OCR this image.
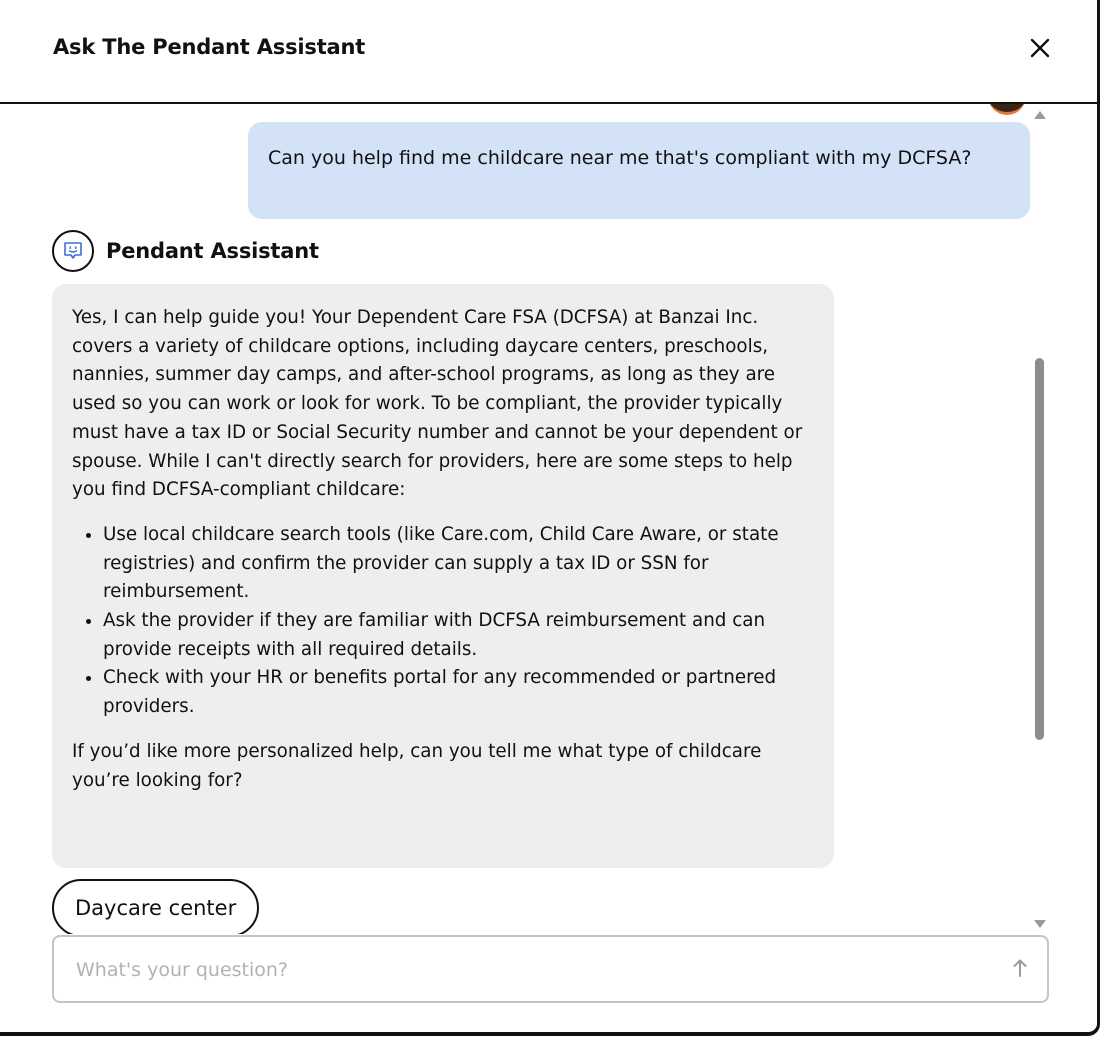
Ask The Pendant Assistant
Can you help find me childcare near me that's compliant with my DCFSA?
Pendant Assistant

Yes, I can help guide you! Your Dependent Care FSA (DCFSA) at Banzai Inc. covers a variety of childcare options, including daycare centers, preschools, nannies, summer day camps, and after-school programs, as long as they are used so you can work or look for work. To be compliant, the provider typically must have a tax ID or Social Security number and cannot be your dependent or spouse. While I can't directly search for providers, here are some steps to help you find DCFSA-compliant childcare:

• Use local childcare search tools (like Care.com, Child Care Aware, or state registries) and confirm the provider can supply a tax ID or SSN for reimbursement.
• Ask the provider if they are familiar with DCFSA reimbursement and can provide receipts with all required details.
• Check with your HR or benefits portal for any recommended or partnered providers.

If you’d like more personalized help, can you tell me what type of childcare you’re looking for?

Daycare center
What's your question?
